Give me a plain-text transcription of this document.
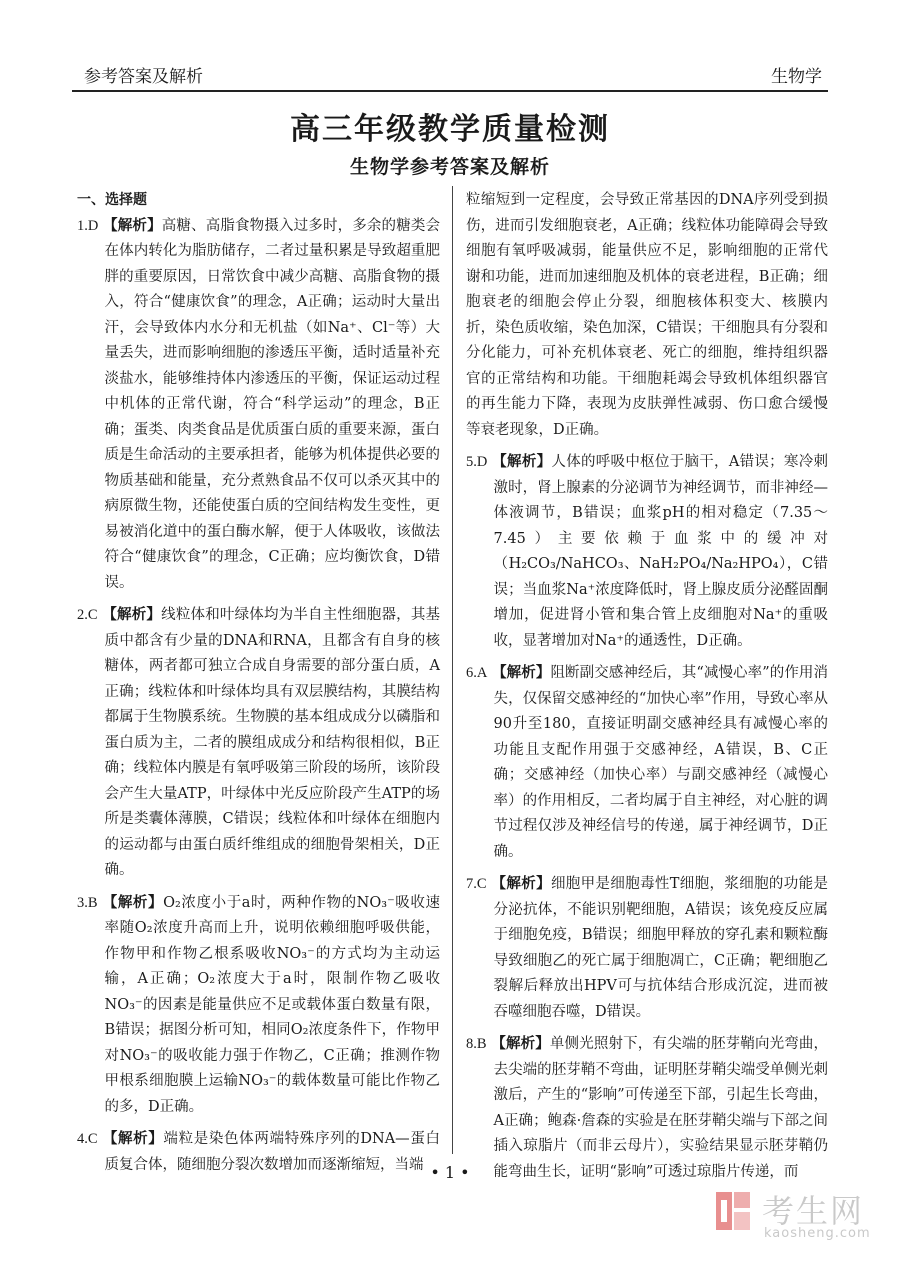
参考答案及解析	生物学
高三年级教学质量检测
生物学参考答案及解析
一、选择题

1.D 【解析】高糖、高脂食物摄入过多时，多余的糖类会在体内转化为脂肪储存，二者过量积累是导致超重肥胖的重要原因，日常饮食中减少高糖、高脂食物的摄入，符合“健康饮食”的理念，A正确；运动时大量出汗，会导致体内水分和无机盐（如Na⁺、Cl⁻等）大量丢失，进而影响细胞的渗透压平衡，适时适量补充淡盐水，能够维持体内渗透压的平衡，保证运动过程中机体的正常代谢，符合“科学运动”的理念，B正确；蛋类、肉类食品是优质蛋白质的重要来源，蛋白质是生命活动的主要承担者，能够为机体提供必要的物质基础和能量，充分煮熟食品不仅可以杀灭其中的病原微生物，还能使蛋白质的空间结构发生变性，更易被消化道中的蛋白酶水解，便于人体吸收，该做法符合“健康饮食”的理念，C正确；应均衡饮食，D错误。

2.C 【解析】线粒体和叶绿体均为半自主性细胞器，其基质中都含有少量的DNA和RNA，且都含有自身的核糖体，两者都可独立合成自身需要的部分蛋白质，A正确；线粒体和叶绿体均具有双层膜结构，其膜结构都属于生物膜系统。生物膜的基本组成成分以磷脂和蛋白质为主，二者的膜组成成分和结构很相似，B正确；线粒体内膜是有氧呼吸第三阶段的场所，该阶段会产生大量ATP，叶绿体中光反应阶段产生ATP的场所是类囊体薄膜，C错误；线粒体和叶绿体在细胞内的运动都与由蛋白质纤维组成的细胞骨架相关，D正确。

3.B 【解析】O₂浓度小于a时，两种作物的NO₃⁻吸收速率随O₂浓度升高而上升，说明依赖细胞呼吸供能，作物甲和作物乙根系吸收NO₃⁻的方式均为主动运输，A正确；O₂浓度大于a时，限制作物乙吸收NO₃⁻的因素是能量供应不足或载体蛋白数量有限，B错误；据图分析可知，相同O₂浓度条件下，作物甲对NO₃⁻的吸收能力强于作物乙，C正确；推测作物甲根系细胞膜上运输NO₃⁻的载体数量可能比作物乙的多，D正确。

4.C 【解析】端粒是染色体两端特殊序列的DNA—蛋白质复合体，随细胞分裂次数增加而逐渐缩短，当端

粒缩短到一定程度，会导致正常基因的DNA序列受到损伤，进而引发细胞衰老，A正确；线粒体功能障碍会导致细胞有氧呼吸减弱，能量供应不足，影响细胞的正常代谢和功能，进而加速细胞及机体的衰老进程，B正确；细胞衰老的细胞会停止分裂，细胞核体积变大、核膜内折，染色质收缩，染色加深，C错误；干细胞具有分裂和分化能力，可补充机体衰老、死亡的细胞，维持组织器官的正常结构和功能。干细胞耗竭会导致机体组织器官的再生能力下降，表现为皮肤弹性减弱、伤口愈合缓慢等衰老现象，D正确。

5.D 【解析】人体的呼吸中枢位于脑干，A错误；寒冷刺激时，肾上腺素的分泌调节为神经调节，而非神经—体液调节，B错误；血浆pH的相对稳定（7.35～7.45）主要依赖于血浆中的缓冲对（H₂CO₃/NaHCO₃、NaH₂PO₄/Na₂HPO₄），C错误；当血浆Na⁺浓度降低时，肾上腺皮质分泌醛固酮增加，促进肾小管和集合管上皮细胞对Na⁺的重吸收，显著增加对Na⁺的通透性，D正确。

6.A 【解析】阻断副交感神经后，其“减慢心率”的作用消失，仅保留交感神经的“加快心率”作用，导致心率从90升至180，直接证明副交感神经具有减慢心率的功能且支配作用强于交感神经，A错误，B、C正确；交感神经（加快心率）与副交感神经（减慢心率）的作用相反，二者均属于自主神经，对心脏的调节过程仅涉及神经信号的传递，属于神经调节，D正确。

7.C 【解析】细胞甲是细胞毒性T细胞，浆细胞的功能是分泌抗体，不能识别靶细胞，A错误；该免疫反应属于细胞免疫，B错误；细胞甲释放的穿孔素和颗粒酶导致细胞乙的死亡属于细胞凋亡，C正确；靶细胞乙裂解后释放出HPV可与抗体结合形成沉淀，进而被吞噬细胞吞噬，D错误。

8.B 【解析】单侧光照射下，有尖端的胚芽鞘向光弯曲，去尖端的胚芽鞘不弯曲，证明胚芽鞘尖端受单侧光刺激后，产生的“影响”可传递至下部，引起生长弯曲，A正确；鲍森·詹森的实验是在胚芽鞘尖端与下部之间插入琼脂片（而非云母片），实验结果显示胚芽鞘仍能弯曲生长，证明“影响”可透过琼脂片传递，而

• 1 •
考生网
kaosheng.com
